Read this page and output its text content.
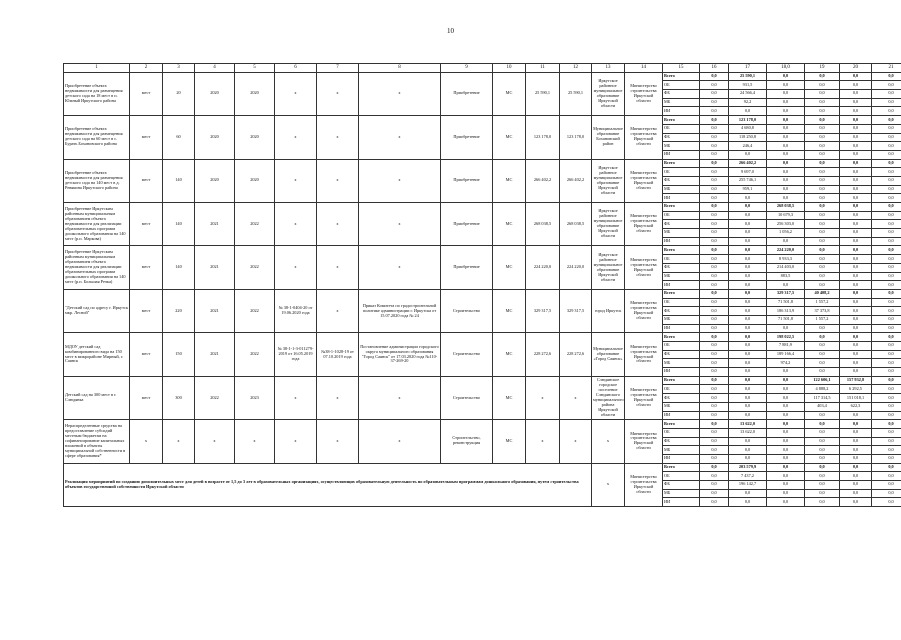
10
1	2	3	4	5	6	7	8	9	10	11	12	13	14	15	16	17	18,0	19	20	21
Приобретение объекта недвижимости для размещения детского сада на 18 мест в п. Южный Иркутского района	мест	20	2020	2020	х	х	х	Приобретение	МС	25 590,1	25 590,1	Иркутское районное муниципальное образование Иркутской области	Министерство строительства Иркутской области	Всего	0,0	25 590,1	0,0	0,0	0,0	0,0
														ОБ	0,0	931,5	0,0	0,0	0,0	0,0
														ФБ	0,0	24 566,4	0,0	0,0	0,0	0,0
														МБ	0,0	92,2	0,0	0,0	0,0	0,0
														ИИ	0,0	0,0	0,0	0,0	0,0	0,0
Приобретение объекта недвижимости для размещения детского сада на 60 мест в с. Бурать Бохановского района	мест	60	2020	2020	х	х	х	Приобретение	МС	123 178,0	123 178,0	Муниципальное образование Бохановский район	Министерство строительства Иркутской области	Всего	0,0	123 178,0	0,0	0,0	0,0	0,0
														ОБ	0,0	4 680,8	0,0	0,0	0,0	0,0
														ФБ	0,0	118 250,8	0,0	0,0	0,0	0,0
														МБ	0,0	246,4	0,0	0,0	0,0	0,0
														ИИ	0,0	0,0	0,0	0,0	0,0	0,0
Приобретение объекта недвижимости для размещения детского сада на 140 мест в д. Ревякина Иркутского района	мест	140	2020	2020	х	х	х	Приобретение	МС	266 402,2	266 402,2	Иркутское районное муниципальное образование Иркутской области	Министерство строительства Иркутской области	Всего	0,0	266 402,2	0,0	0,0	0,0	0,0
														ОБ	0,0	9 697,0	0,0	0,0	0,0	0,0
														ФБ	0,0	255 746,1	0,0	0,0	0,0	0,0
														МБ	0,0	959,1	0,0	0,0	0,0	0,0
														ИИ	0,0	0,0	0,0	0,0	0,0	0,0
Приобретение Иркутским районным муниципальным образованием объекта недвижимости для реализации образовательных программ дошкольного образования на 140 мест (р.п. Маркова)	мест	140	2021	2022	х	х	х	Приобретение	МС	268 038,5	268 038,5	Иркутское районное муниципальное образование Иркутской области	Министерство строительства Иркутской области	Всего	0,0	0,0	268 038,5	0,0	0,0	0,0
														ОБ	0,0	0,0	10 679,3	0,0	0,0	0,0
														ФБ	0,0	0,0	256 303,0	0,0	0,0	0,0
														МБ	0,0	0,0	1 056,2	0,0	0,0	0,0
														ИИ	0,0	0,0	0,0	0,0	0,0	0,0
Приобретение Иркутским районным муниципальным образованием объекта недвижимости для реализации образовательных программ дошкольного образования на 140 мест (р.п. Большая Речка)	мест	140	2021	2022	х	х	х	Приобретение	МС	224 220,0	224 220,0	Иркутское районное муниципальное образование Иркутской области	Министерство строительства Иркутской области	Всего	0,0	0,0	224 220,0	0,0	0,0	0,0
														ОБ	0,0	0,0	8 933,3	0,0	0,0	0,0
														ФБ	0,0	0,0	214 403,0	0,0	0,0	0,0
														МБ	0,0	0,0	883,5	0,0	0,0	0,0
														ИИ	0,0	0,0	0,0	0,0	0,0	0,0
"Детский сад по адресу г. Иркутск мкр. Лесной"	мест	220	2021	2022	№ 38-1-0404-20 от 19.06.2020 года	х	Приказ Комитета по градостроительной политике администрации г. Иркутска от 15.07.2020 года № 24	Строительство	МС	329 317,5	329 317,5	город Иркутск	Министерство строительства Иркутской области	Всего	0,0	0,0	329 317,5	40 408,2	0,0	0,0
														ОБ	0,0	0,0	71 501,8	1 557,2	0,0	0,0
														ФБ	0,0	0,0	186 313,9	37 373,8	0,0	0,0
														МБ	0,0	0,0	71 501,8	1 557,2	0,0	0,0
														ИИ	0,0	0,0	0,0	0,0	0,0	0,0
МДОУ детский сад комбинированного вида на 150 мест в микрорайоне Мирный, г. Саянск	мест	150	2021	2022	№ 38-1-1-3-011279-2019 от 16.05.2019 года	№38-1-1028-19 от 07.10.2019 года	Постановление администрации городского округа муниципального образования "Город Саянск" от 17.03.2020 года №110-37-269-20	Строительство	МС	228 272,6	228 272,6	Муниципальное образование «Город Саянск»	Министерство строительства Иркутской области	Всего	0,0	0,0	198 022,5	0,0	0,0	0,0
														ОБ	0,0	0,0	7 881,9	0,0	0,0	0,0
														ФБ	0,0	0,0	189 166,4	0,0	0,0	0,0
														МБ	0,0	0,0	974,2	0,0	0,0	0,0
														ИИ	0,0	0,0	0,0	0,0	0,0	0,0
Детский сад на 300 мест в г. Слюдянка	мест	300	2022	2023	х	х	х	Строительство	МС	х	х	Слюдянское городское поселение Слюдянского муниципального района Иркутской области	Министерство строительства Иркутской области	Всего	0,0	0,0	0,0	122 606,1	157 932,8	0,0
														ОБ	0,0	0,0	0,0	4 888,2	6 292,5	0,0
														ФБ	0,0	0,0	0,0	117 314,5	151 018,1	0,0
														МБ	0,0	0,0	0,0	403,4	622,3	0,0
														ИИ	0,0	0,0	0,0	0,0	0,0	0,0
Нераспределенные средства на предоставление субсидий местным бюджетам на софинансирование капитальных вложений в объекты муниципальной собственности в сфере образования*	х	х	х	х	х	х	х	Строительство, реконструкция	МС	х	х	х	Министерство строительства Иркутской области	Всего	0,0	13 622,0	0,0	0,0	0,0	0,0
														ОБ	0,0	13 622,0	0,0	0,0	0,0	0,0
														ФБ	0,0	0,0	0,0	0,0	0,0	0,0
														МБ	0,0	0,0	0,0	0,0	0,0	0,0
														ИИ	0,0	0,0	0,0	0,0	0,0	0,0
Реализация мероприятий по созданию дополнительных мест для детей в возрасте от 1,5 до 3 лет в образовательных организациях, осуществляющих образовательную деятельность по образовательным программам дошкольного образования, путем строительства объектов государственной собственности Иркутской области												х	Министерство строительства Иркутской области	Всего	0,0	203 579,9	0,0	0,0	0,0	0,0
														ОБ	0,0	7 437,2	0,0	0,0	0,0	0,0
														ФБ	0,0	196 142,7	0,0	0,0	0,0	0,0
														МБ	0,0	0,0	0,0	0,0	0,0	0,0
														ИИ	0,0	0,0	0,0	0,0	0,0	0,0
